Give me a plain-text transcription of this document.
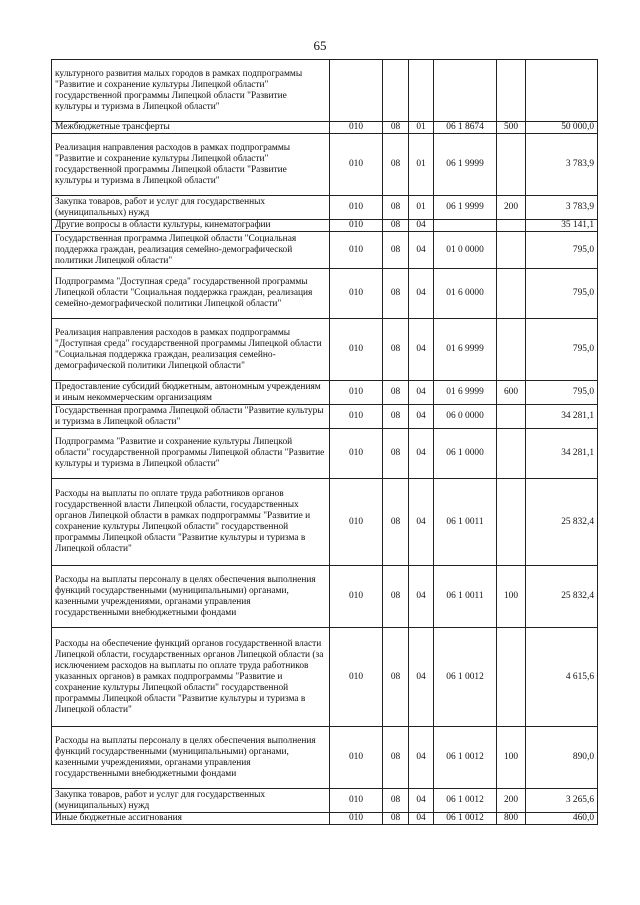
65
культурного развития малых городов в рамках подпрограммы "Развитие и сохранение культуры Липецкой области" государственной программы Липецкой области "Развитие культуры и туризма в Липецкой области"						
Межбюджетные трансферты	010	08	01	06 1 8674	500	50 000,0
Реализация направления расходов в рамках подпрограммы "Развитие и сохранение культуры Липецкой области" государственной программы Липецкой области "Развитие культуры и туризма в Липецкой области"	010	08	01	06 1 9999		3 783,9
Закупка товаров, работ и услуг для государственных (муниципальных) нужд	010	08	01	06 1 9999	200	3 783,9
Другие вопросы в области культуры, кинематографии	010	08	04			35 141,1
Государственная программа Липецкой области "Социальная поддержка граждан, реализация семейно-демографической политики Липецкой области"	010	08	04	01 0 0000		795,0
Подпрограмма "Доступная среда" государственной программы Липецкой области "Социальная поддержка граждан, реализация семейно-демографической политики Липецкой области"	010	08	04	01 6 0000		795,0
Реализация направления расходов в рамках подпрограммы "Доступная среда" государственной программы Липецкой области "Социальная поддержка граждан, реализация семейно-демографической политики Липецкой области"	010	08	04	01 6 9999		795,0
Предоставление субсидий бюджетным, автономным учреждениям и иным некоммерческим организациям	010	08	04	01 6 9999	600	795,0
Государственная программа Липецкой области "Развитие культуры и туризма в Липецкой области"	010	08	04	06 0 0000		34 281,1
Подпрограмма "Развитие и сохранение культуры Липецкой области" государственной программы Липецкой области "Развитие культуры и туризма в Липецкой области"	010	08	04	06 1 0000		34 281,1
Расходы на выплаты по оплате труда работников органов государственной власти Липецкой области, государственных органов Липецкой области в рамках подпрограммы "Развитие и сохранение культуры Липецкой области" государственной программы Липецкой области "Развитие культуры и туризма в Липецкой области"	010	08	04	06 1 0011		25 832,4
Расходы на выплаты персоналу в целях обеспечения выполнения функций государственными (муниципальными) органами, казенными учреждениями, органами управления государственными внебюджетными фондами	010	08	04	06 1 0011	100	25 832,4
Расходы на обеспечение функций органов государственной власти Липецкой области, государственных органов Липецкой области (за исключением расходов на выплаты по оплате труда работников указанных органов) в рамках подпрограммы "Развитие и сохранение культуры Липецкой области" государственной программы Липецкой области "Развитие культуры и туризма в Липецкой области"	010	08	04	06 1 0012		4 615,6
Расходы на выплаты персоналу в целях обеспечения выполнения функций государственными (муниципальными) органами, казенными учреждениями, органами управления государственными внебюджетными фондами	010	08	04	06 1 0012	100	890,0
Закупка товаров, работ и услуг для государственных (муниципальных) нужд	010	08	04	06 1 0012	200	3 265,6
Иные бюджетные ассигнования	010	08	04	06 1 0012	800	460,0
